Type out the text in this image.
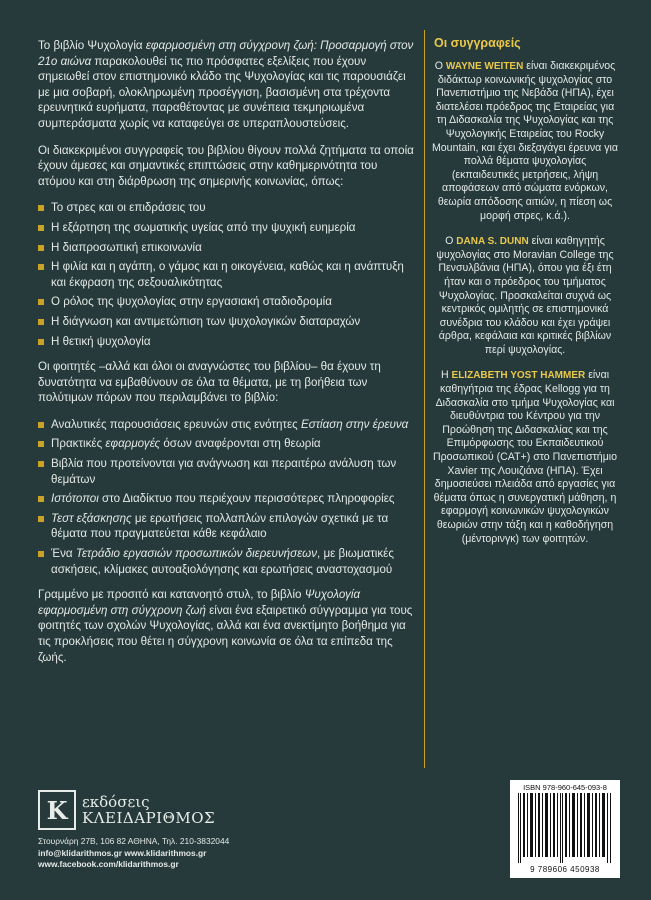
Το βιβλίο Ψυχολογία εφαρμοσμένη στη σύγχρονη ζωή: Προσαρμογή στον 21ο αιώνα παρακολουθεί τις πιο πρόσφατες εξελίξεις που έχουν σημειωθεί στον επιστημονικό κλάδο της Ψυχολογίας και τις παρουσιάζει με μια σοβαρή, ολοκληρωμένη προσέγγιση, βασισμένη στα τρέχοντα ερευνητικά ευρήματα, παραθέτοντας με συνέπεια τεκμηριωμένα συμπεράσματα χωρίς να καταφεύγει σε υπεραπλουστεύσεις.

Οι διακεκριμένοι συγγραφείς του βιβλίου θίγουν πολλά ζητήματα τα οποία έχουν άμεσες και σημαντικές επιπτώσεις στην καθημερινότητα του ατόμου και στη διάρθρωση της σημερινής κοινωνίας, όπως:

Το στρες και οι επιδράσεις του
Η εξάρτηση της σωματικής υγείας από την ψυχική ευημερία
Η διαπροσωπική επικοινωνία
Η φιλία και η αγάπη, ο γάμος και η οικογένεια, καθώς και η ανάπτυξη και έκφραση της σεξουαλικότητας
Ο ρόλος της ψυχολογίας στην εργασιακή σταδιοδρομία
Η διάγνωση και αντιμετώπιση των ψυχολογικών διαταραχών
Η θετική ψυχολογία

Οι φοιτητές –αλλά και όλοι οι αναγνώστες του βιβλίου– θα έχουν τη δυνατότητα να εμβαθύνουν σε όλα τα θέματα, με τη βοήθεια των πολύτιμων πόρων που περιλαμβάνει το βιβλίο:

Αναλυτικές παρουσιάσεις ερευνών στις ενότητες Εστίαση στην έρευνα
Πρακτικές εφαρμογές όσων αναφέρονται στη θεωρία
Βιβλία που προτείνονται για ανάγνωση και περαιτέρω ανάλυση των θεμάτων
Ιστότοποι στο Διαδίκτυο που περιέχουν περισσότερες πληροφορίες
Τεστ εξάσκησης με ερωτήσεις πολλαπλών επιλογών σχετικά με τα θέματα που πραγματεύεται κάθε κεφάλαιο
Ένα Τετράδιο εργασιών προσωπικών διερευνήσεων, με βιωματικές ασκήσεις, κλίμακες αυτοαξιολόγησης και ερωτήσεις αναστοχασμού

Γραμμένο με προσιτό και κατανοητό στυλ, το βιβλίο Ψυχολογία εφαρμοσμένη στη σύγχρονη ζωή είναι ένα εξαιρετικό σύγγραμμα για τους φοιτητές των σχολών Ψυχολογίας, αλλά και ένα ανεκτίμητο βοήθημα για τις προκλήσεις που θέτει η σύγχρονη κοινωνία σε όλα τα επίπεδα της ζωής.

Οι συγγραφείς

Ο WAYNE WEITEN είναι διακεκριμένος διδάκτωρ κοινωνικής ψυχολογίας στο Πανεπιστήμιο της Νεβάδα (ΗΠΑ), έχει διατελέσει πρόεδρος της Εταιρείας για τη Διδασκαλία της Ψυχολογίας και της Ψυχολογικής Εταιρείας του Rocky Mountain, και έχει διεξαγάγει έρευνα για πολλά θέματα ψυχολογίας (εκπαιδευτικές μετρήσεις, λήψη αποφάσεων από σώματα ενόρκων, θεωρία απόδοσης αιτιών, η πίεση ως μορφή στρες, κ.ά.).

Ο DANA S. DUNN είναι καθηγητής ψυχολογίας στο Moravian College της Πενσυλβάνια (ΗΠΑ), όπου για έξι έτη ήταν και ο πρόεδρος του τμήματος Ψυχολογίας. Προσκαλείται συχνά ως κεντρικός ομιλητής σε επιστημονικά συνέδρια του κλάδου και έχει γράψει άρθρα, κεφάλαια και κριτικές βιβλίων περί ψυχολογίας.

Η ELIZABETH YOST HAMMER είναι καθηγήτρια της έδρας Kellogg για τη Διδασκαλία στο τμήμα Ψυχολογίας και διευθύντρια του Κέντρου για την Προώθηση της Διδασκαλίας και της Επιμόρφωσης του Εκπαιδευτικού Προσωπικού (CAT+) στο Πανεπιστήμιο Xavier της Λουιζιάνα (ΗΠΑ). Έχει δημοσιεύσει πλειάδα από εργασίες για θέματα όπως η συνεργατική μάθηση, η εφαρμογή κοινωνικών ψυχολογικών θεωριών στην τάξη και η καθοδήγηση (μέντορινγκ) των φοιτητών.

K εκδόσεις
ΚΛΕΙΔΑΡΙΘΜΟΣ
Στουρνάρη 27Β, 106 82 ΑΘΗΝΑ, Τηλ. 210-3832044
info@klidarithmos.gr www.klidarithmos.gr
www.facebook.com/klidarithmos.gr
ISBN 978-960-645-093-8
9 789606 450938
